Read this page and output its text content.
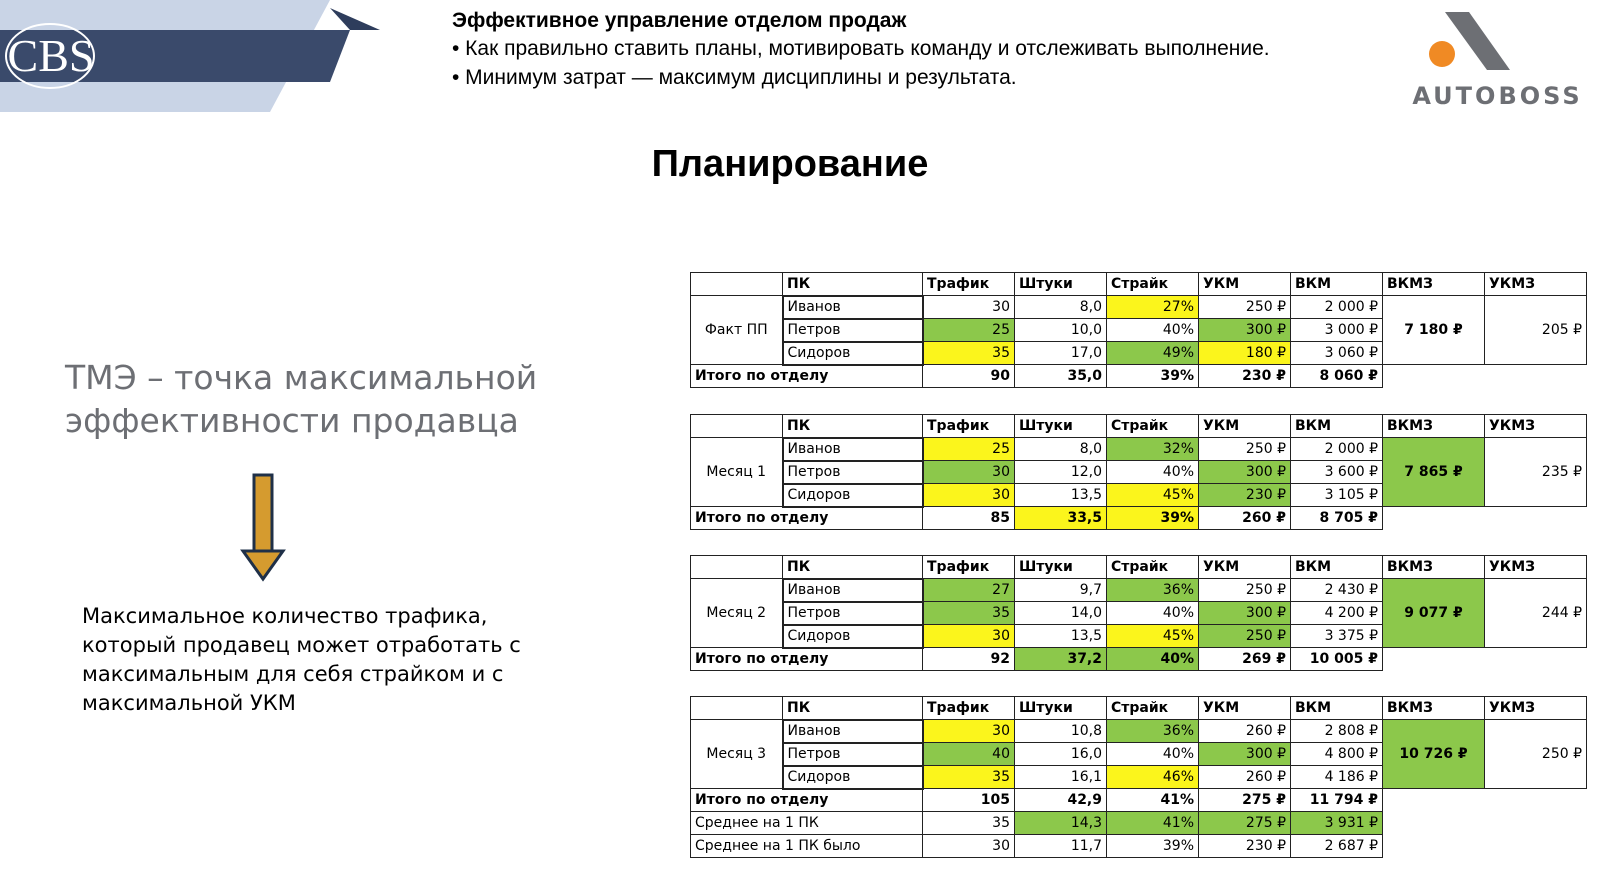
CBS
Эффективное управление отделом продаж
• Как правильно ставить планы, мотивировать команду и отслеживать выполнение.
• Минимум затрат — максимум дисциплины и результата.
AUTOBOSS
Планирование
ТМЭ – точка максимальной
эффективности продавца
Максимальное количество трафика,
который продавец может отработать с
максимальным для себя страйком и с
максимальной УКМ
	ПК	Трафик	Штуки	Страйк	УКМ	ВКМ	ВКМЗ	УКМЗ
Факт ПП	Иванов	30	8,0	27%	250 ₽	2 000 ₽	7 180 ₽	205 ₽
	Петров	25	10,0	40%	300 ₽	3 000 ₽		
	Сидоров	35	17,0	49%	180 ₽	3 060 ₽		
Итого по отделу		90	35,0	39%	230 ₽	8 060 ₽		
	ПК	Трафик	Штуки	Страйк	УКМ	ВКМ	ВКМЗ	УКМЗ
Месяц 1	Иванов	25	8,0	32%	250 ₽	2 000 ₽	7 865 ₽	235 ₽
	Петров	30	12,0	40%	300 ₽	3 600 ₽		
	Сидоров	30	13,5	45%	230 ₽	3 105 ₽		
Итого по отделу		85	33,5	39%	260 ₽	8 705 ₽		
	ПК	Трафик	Штуки	Страйк	УКМ	ВКМ	ВКМЗ	УКМЗ
Месяц 2	Иванов	27	9,7	36%	250 ₽	2 430 ₽	9 077 ₽	244 ₽
	Петров	35	14,0	40%	300 ₽	4 200 ₽		
	Сидоров	30	13,5	45%	250 ₽	3 375 ₽		
Итого по отделу		92	37,2	40%	269 ₽	10 005 ₽		
	ПК	Трафик	Штуки	Страйк	УКМ	ВКМ	ВКМЗ	УКМЗ
Месяц 3	Иванов	30	10,8	36%	260 ₽	2 808 ₽	10 726 ₽	250 ₽
	Петров	40	16,0	40%	300 ₽	4 800 ₽		
	Сидоров	35	16,1	46%	260 ₽	4 186 ₽		
Итого по отделу		105	42,9	41%	275 ₽	11 794 ₽		
Среднее на 1 ПК		35	14,3	41%	275 ₽	3 931 ₽		
Среднее на 1 ПК было		30	11,7	39%	230 ₽	2 687 ₽		
